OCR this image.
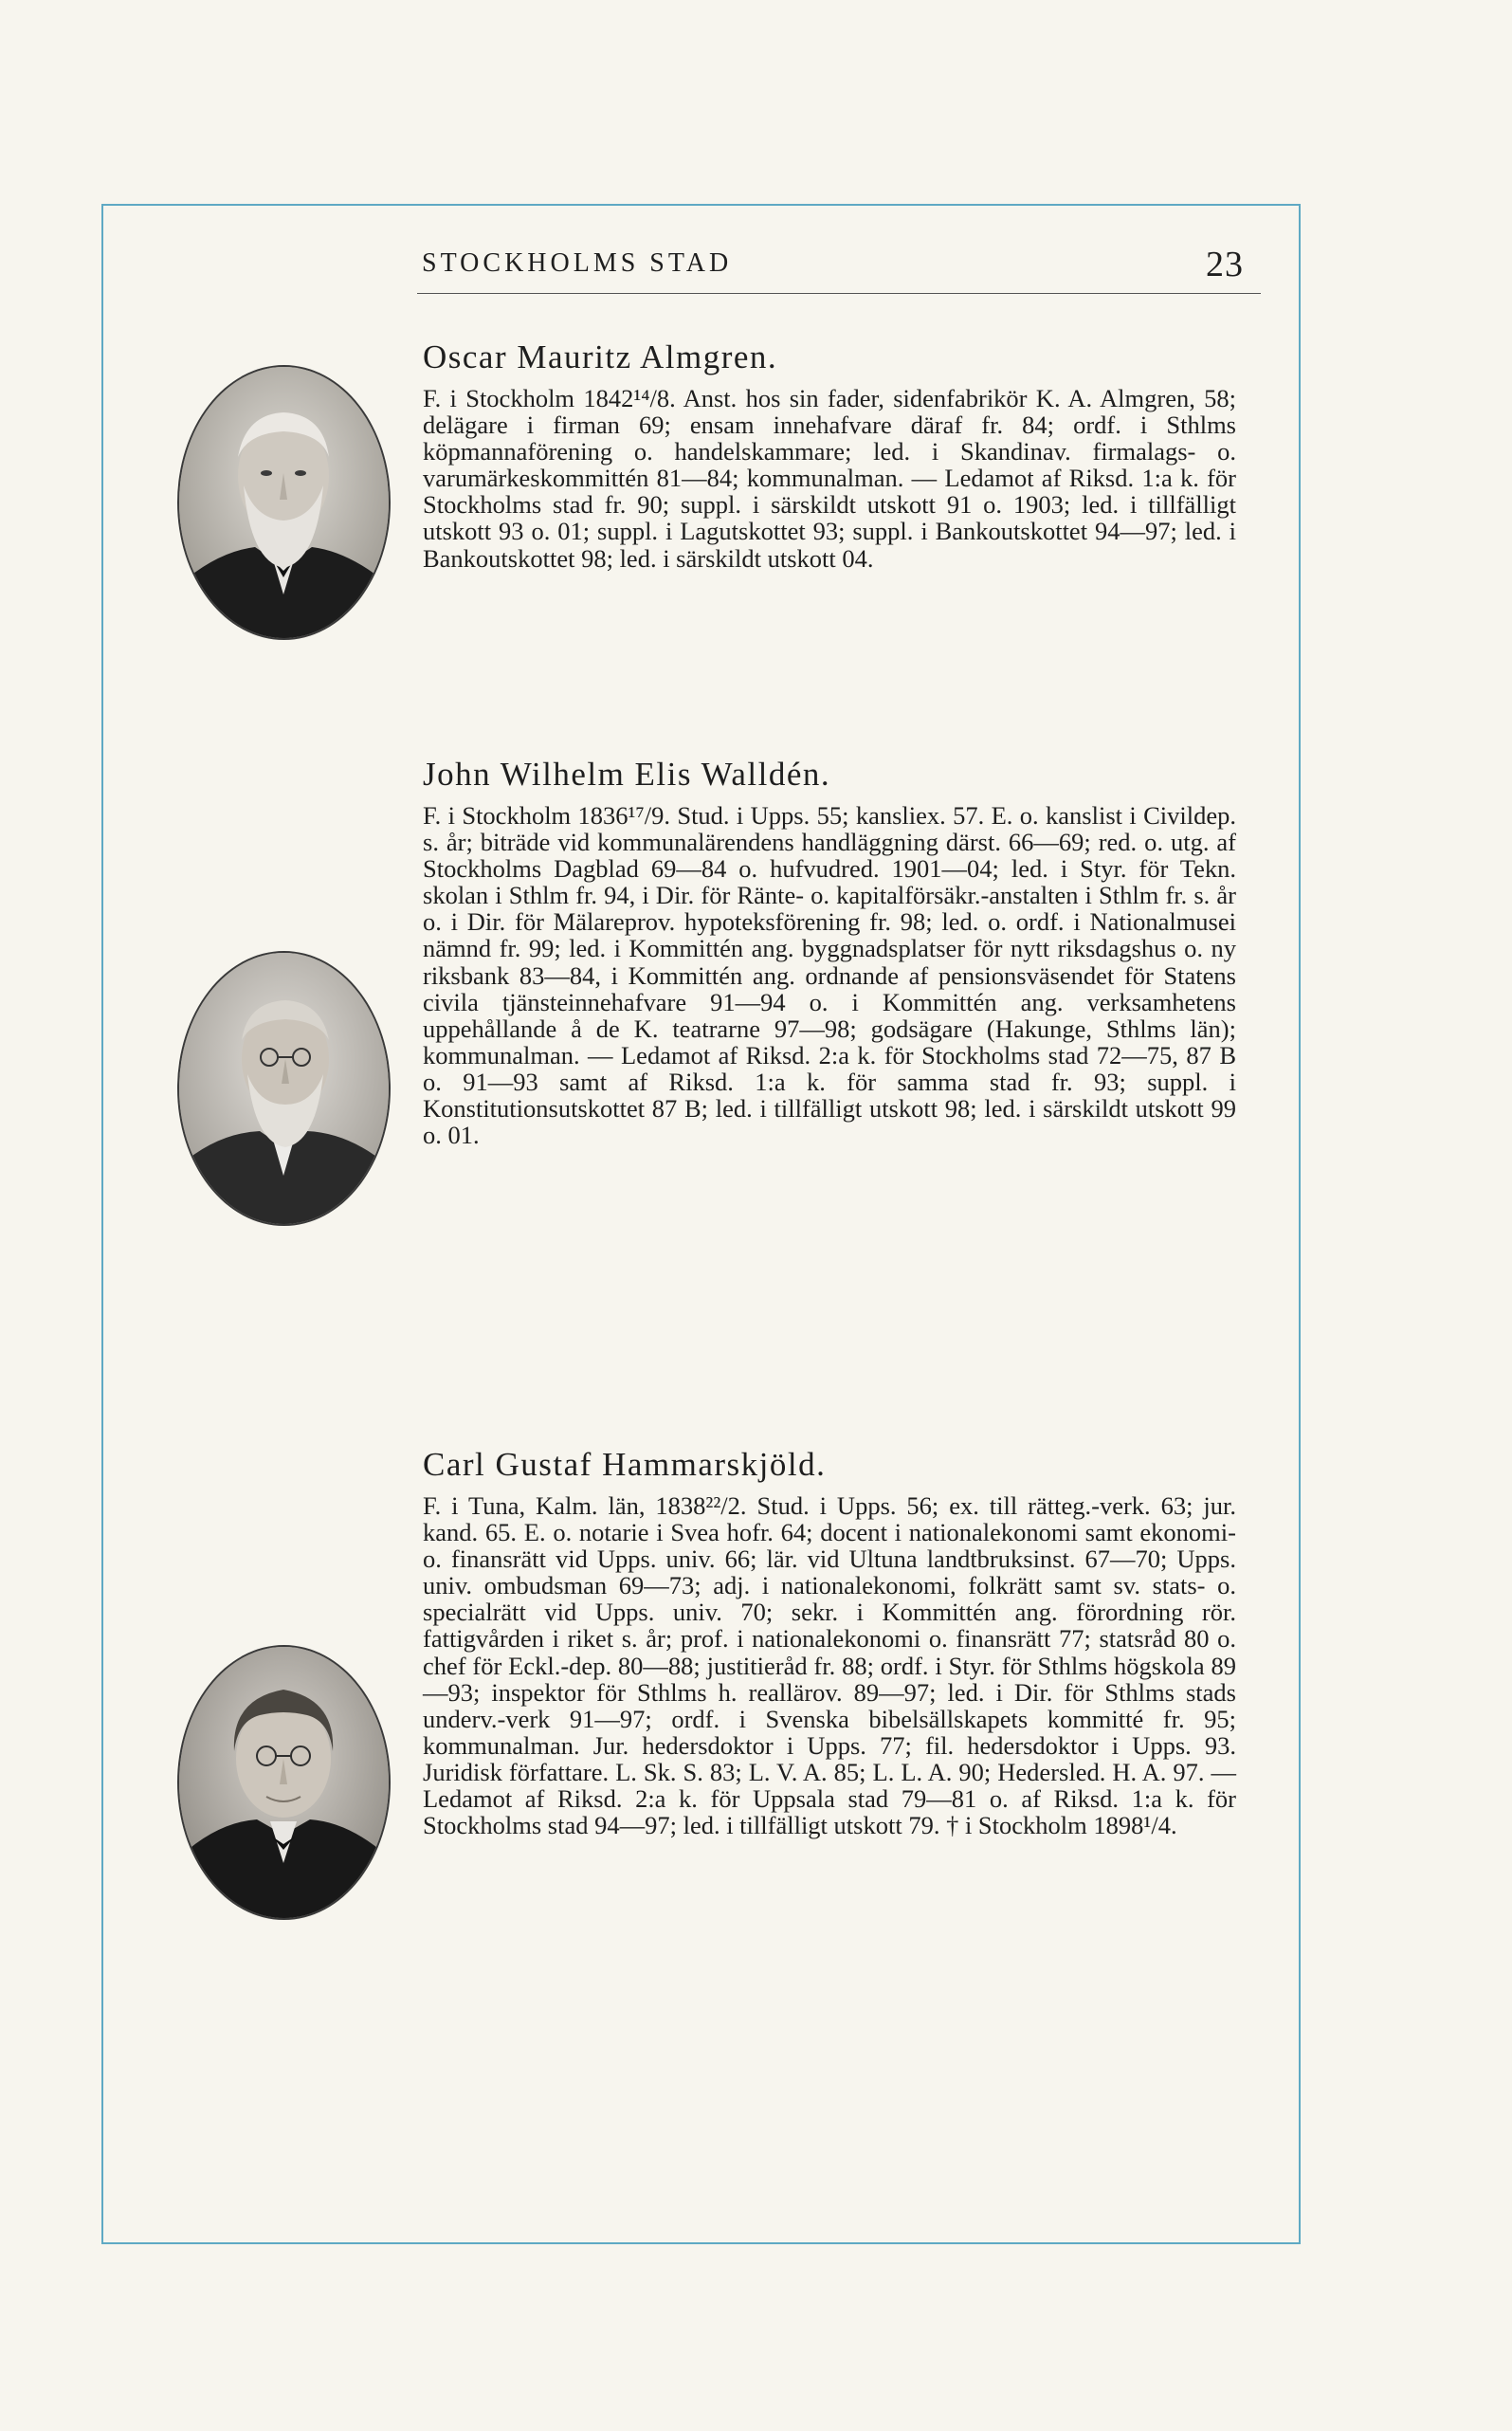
STOCKHOLMS STAD	23
Oscar Mauritz Almgren.

F. i Stockholm 1842¹⁴/8. Anst. hos sin fader, sidenfabrikör K. A. Almgren, 58; delägare i firman 69; ensam innehafvare däraf fr. 84; ordf. i Sthlms köpmannaförening o. handelskammare; led. i Skandinav. firmalags- o. varumärkeskommittén 81—84; kommunalman. — Ledamot af Riksd. 1:a k. för Stockholms stad fr. 90; suppl. i särskildt utskott 91 o. 1903; led. i tillfälligt utskott 93 o. 01; suppl. i Lagutskottet 93; suppl. i Bankoutskottet 94—97; led. i Bankoutskottet 98; led. i särskildt utskott 04.

John Wilhelm Elis Walldén.

F. i Stockholm 1836¹⁷/9. Stud. i Upps. 55; kansliex. 57. E. o. kanslist i Civildep. s. år; biträde vid kommunalärendens handläggning därst. 66—69; red. o. utg. af Stockholms Dagblad 69—84 o. hufvudred. 1901—04; led. i Styr. för Tekn. skolan i Sthlm fr. 94, i Dir. för Ränte- o. kapitalförsäkr.-anstalten i Sthlm fr. s. år o. i Dir. för Mälareprov. hypoteksförening fr. 98; led. o. ordf. i Nationalmusei nämnd fr. 99; led. i Kommittén ang. byggnadsplatser för nytt riksdagshus o. ny riksbank 83—84, i Kommittén ang. ordnande af pensionsväsendet för Statens civila tjänsteinnehafvare 91—94 o. i Kommittén ang. verksamhetens uppehållande å de K. teatrarne 97—98; godsägare (Hakunge, Sthlms län); kommunalman. — Ledamot af Riksd. 2:a k. för Stockholms stad 72—75, 87 B o. 91—93 samt af Riksd. 1:a k. för samma stad fr. 93; suppl. i Konstitutionsutskottet 87 B; led. i tillfälligt utskott 98; led. i särskildt utskott 99 o. 01.

Carl Gustaf Hammarskjöld.

F. i Tuna, Kalm. län, 1838²²/2. Stud. i Upps. 56; ex. till rätteg.-verk. 63; jur. kand. 65. E. o. notarie i Svea hofr. 64; docent i nationalekonomi samt ekonomi- o. finansrätt vid Upps. univ. 66; lär. vid Ultuna landtbruksinst. 67—70; Upps. univ. ombudsman 69—73; adj. i nationalekonomi, folkrätt samt sv. stats- o. specialrätt vid Upps. univ. 70; sekr. i Kommittén ang. förordning rör. fattigvården i riket s. år; prof. i nationalekonomi o. finansrätt 77; statsråd 80 o. chef för Eckl.-dep. 80—88; justitieråd fr. 88; ordf. i Styr. för Sthlms högskola 89 —93; inspektor för Sthlms h. reallärov. 89—97; led. i Dir. för Sthlms stads underv.-verk 91—97; ordf. i Svenska bibelsällskapets kommitté fr. 95; kommunalman. Jur. hedersdoktor i Upps. 77; fil. hedersdoktor i Upps. 93. Juridisk författare. L. Sk. S. 83; L. V. A. 85; L. L. A. 90; Hedersled. H. A. 97. — Ledamot af Riksd. 2:a k. för Uppsala stad 79—81 o. af Riksd. 1:a k. för Stockholms stad 94—97; led. i tillfälligt utskott 79. † i Stockholm 1898¹/4.
